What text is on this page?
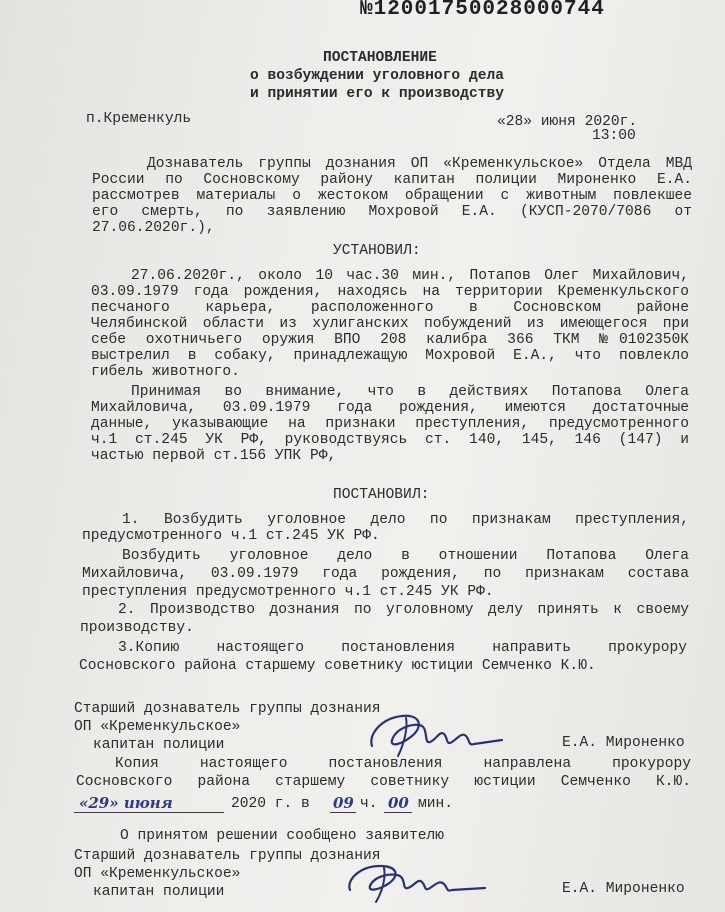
№12001750028000744
ПОСТАНОВЛЕНИЕ
о возбуждении уголовного дела
и принятии его к производству
п.Кременкуль	«28» июня 2020г.
13:00
Дознаватель группы дознания ОП «Кременкульское» Отдела МВД
России по Сосновскому району капитан полиции Мироненко Е.А.
рассмотрев материалы о жестоком обращении с животным повлекшее
его смерть, по заявлению Мохровой Е.А. (КУСП-2070/7086 от
27.06.2020г.),
УСТАНОВИЛ:
27.06.2020г., около 10 час.30 мин., Потапов Олег Михайлович,
03.09.1979 года рождения, находясь на территории Кременкульского
песчаного карьера, расположенного в Сосновском районе
Челябинской области из хулиганских побуждений из имеющегося при
себе охотничьего оружия ВПО 208 калибра 366 ТКМ №0102350К
выстрелил в собаку, принадлежащую Мохровой Е.А., что повлекло
гибель животного.
Принимая во внимание, что в действиях Потапова Олега
Михайловича, 03.09.1979 года рождения, имеются достаточные
данные, указывающие на признаки преступления, предусмотренного
ч.1 ст.245 УК РФ, руководствуясь ст. 140, 145, 146 (147) и
частью первой ст.156 УПК РФ,
ПОСТАНОВИЛ:
1. Возбудить уголовное дело по признакам преступления,
предусмотренного ч.1 ст.245 УК РФ.
Возбудить уголовное дело в отношении Потапова Олега
Михайловича, 03.09.1979 года рождения, по признакам состава
преступления предусмотренного ч.1 ст.245 УК РФ.
2. Производство дознания по уголовному делу принять к своему
производству.
3.Копию настоящего постановления направить прокурору
Сосновского района старшему советнику юстиции Семченко К.Ю.
Старший дознаватель группы дознания
ОП «Кременкульское»
капитан полиции	Е.А. Мироненко
Копия настоящего постановления направлена прокурору
Сосновского района старшему советнику юстиции Семченко К.Ю.
«29» июня	2020 г. в 09 ч. 00 мин.
О принятом решении сообщено заявителю
Старший дознаватель группы дознания
ОП «Кременкульское»
капитан полиции	Е.А. Мироненко
